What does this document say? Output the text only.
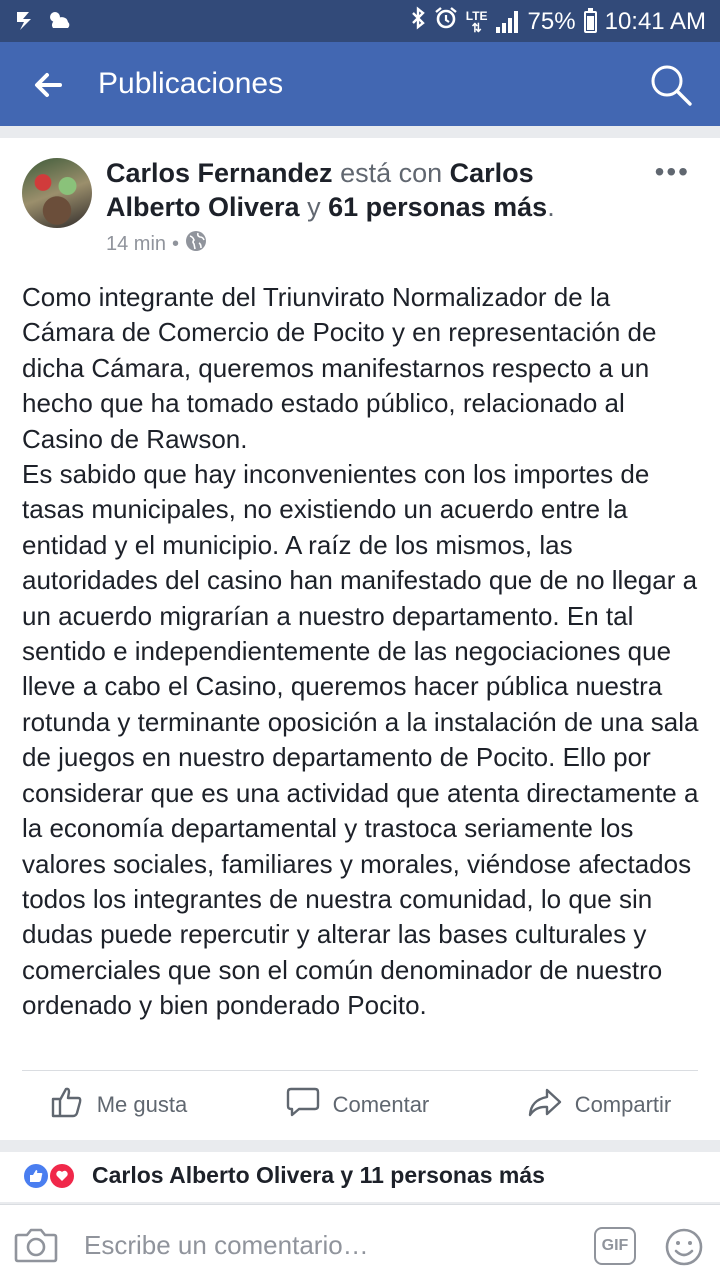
LTE
⇅ 75% 10:41 AM
Publicaciones
Carlos Fernandez está con Carlos Alberto Olivera y 61 personas más.
•••
14 min •
Como integrante del Triunvirato Normalizador de la Cámara de Comercio de Pocito y en representación de dicha Cámara, queremos manifestarnos respecto a un hecho que ha tomado estado público, relacionado al Casino de Rawson.
Es sabido que hay inconvenientes con los importes de tasas municipales, no existiendo un acuerdo entre la entidad y el municipio. A raíz de los mismos, las autoridades del casino han manifestado que de no llegar a un acuerdo migrarían a nuestro departamento. En tal sentido e independientemente de las negociaciones que lleve a cabo el Casino, queremos hacer pública nuestra rotunda y terminante oposición a la instalación de una sala de juegos en nuestro departamento de Pocito. Ello por considerar que es una actividad que atenta directamente a la economía departamental y trastoca seriamente los valores sociales, familiares y morales, viéndose afectados todos los integrantes de nuestra comunidad, lo que sin dudas puede repercutir y alterar las bases culturales y comerciales que son el común denominador de nuestro ordenado y bien ponderado Pocito.
Me gusta	Comentar	Compartir
Carlos Alberto Olivera y 11 personas más
Escribe un comentario…
GIF
